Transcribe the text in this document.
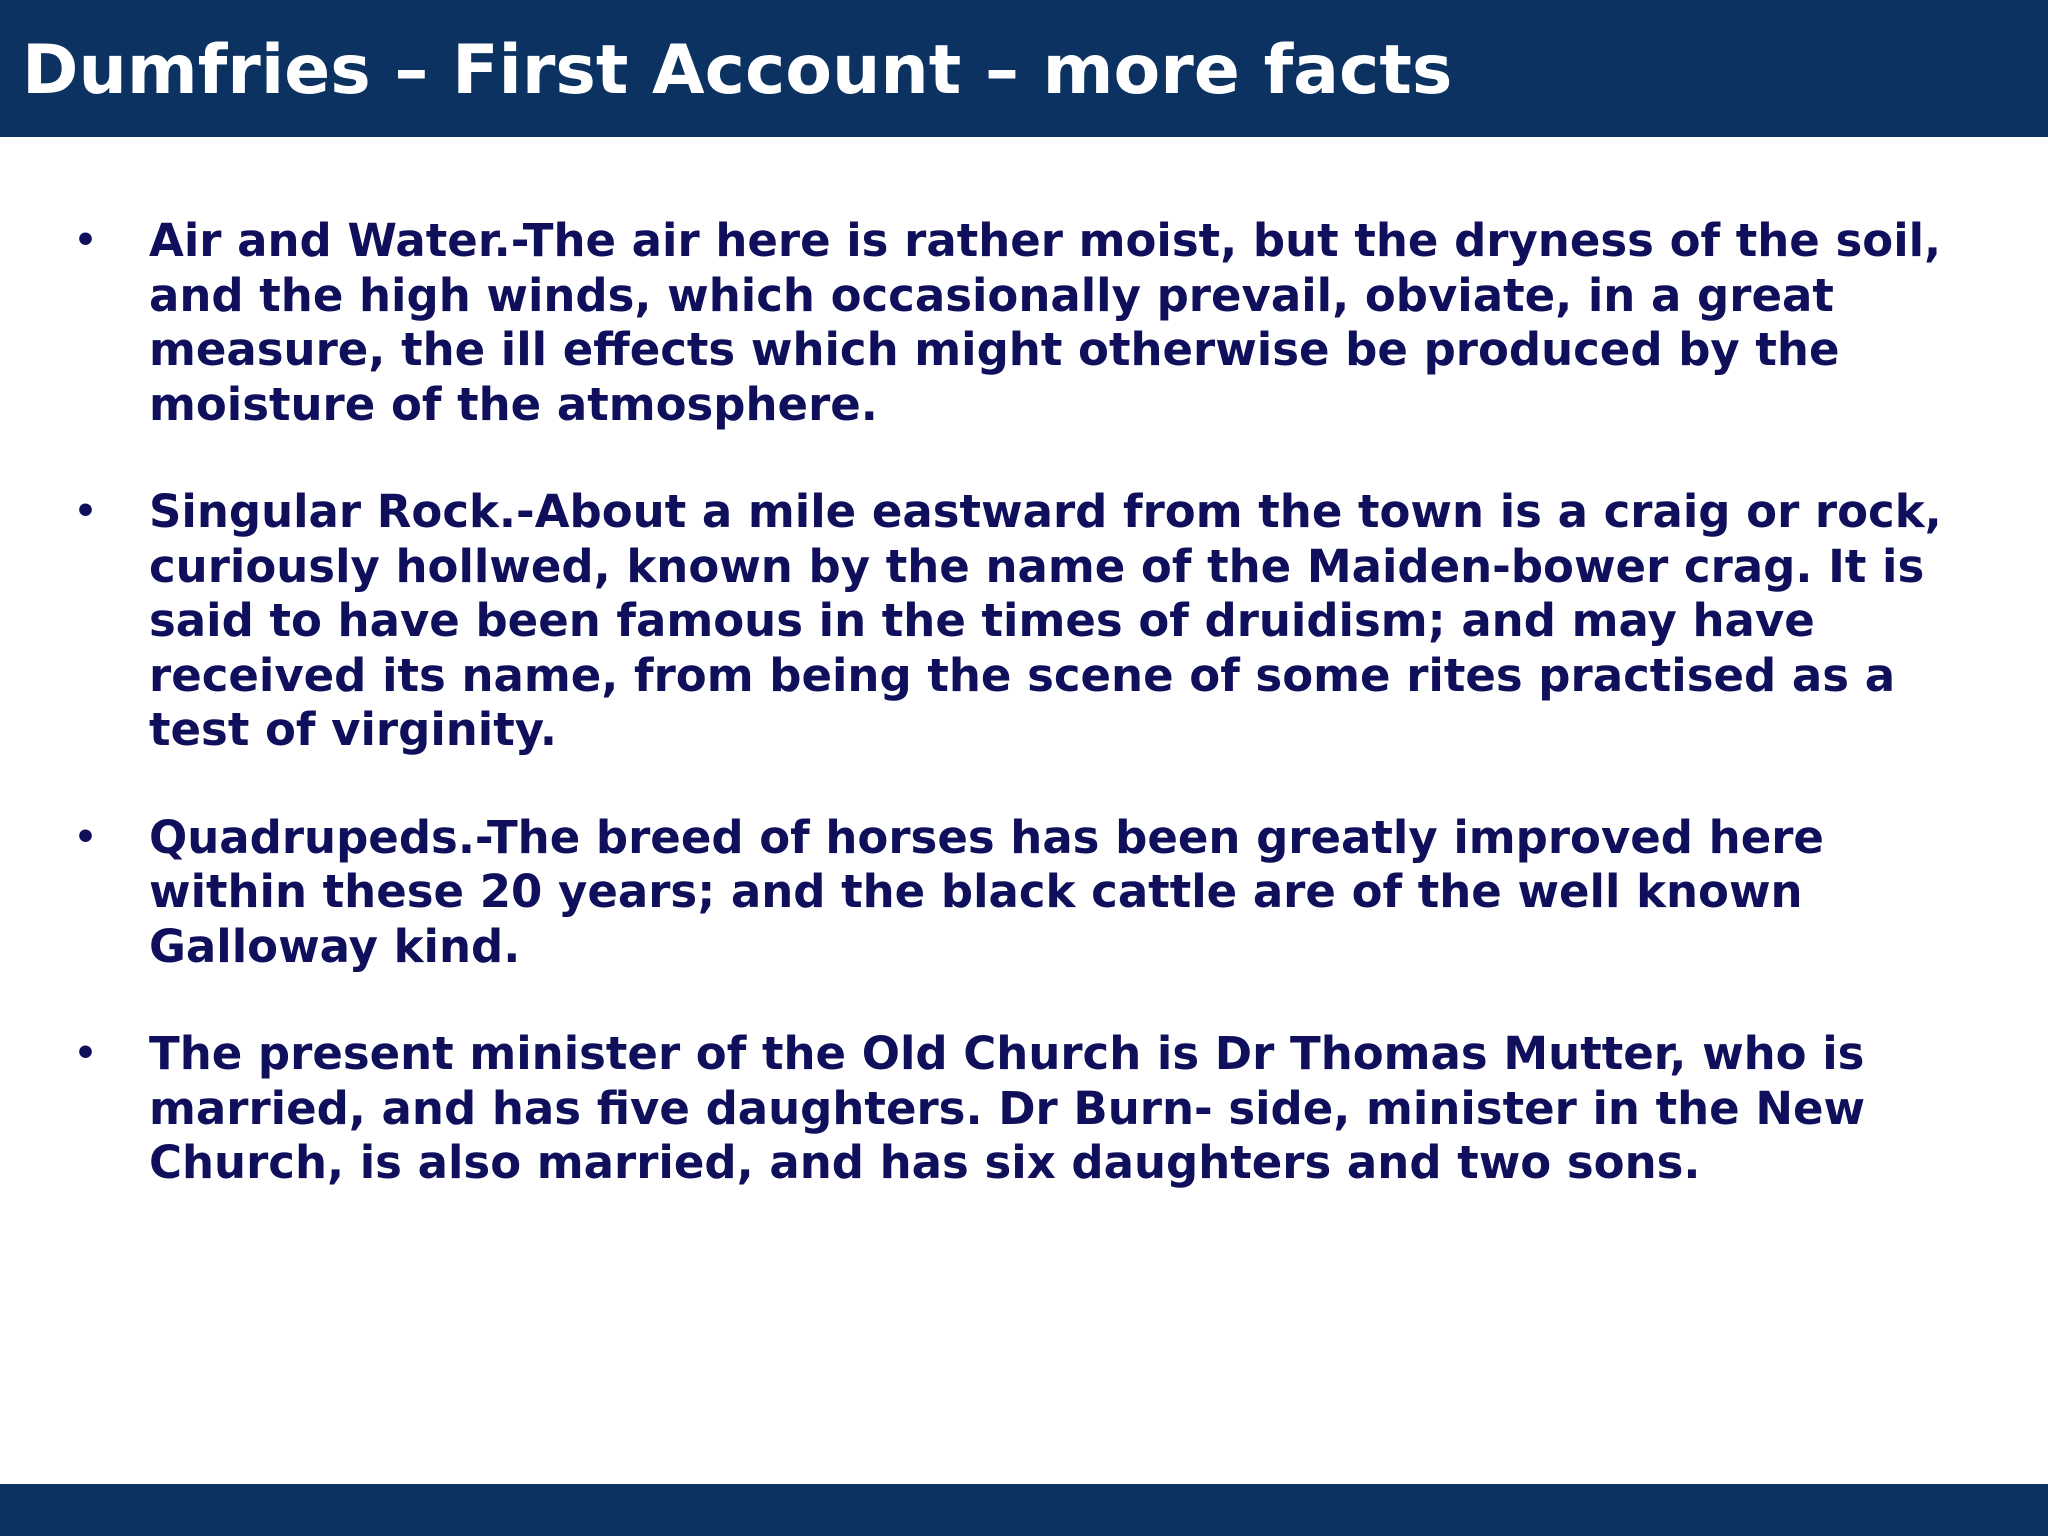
Dumfries – First Account – more facts
• Air and Water.-The air here is rather moist, but the dryness of the soil,
and the high winds, which occasionally prevail, obviate, in a great
measure, the ill effects which might otherwise be produced by the
moisture of the atmosphere.
• Singular Rock.-About a mile eastward from the town is a craig or rock,
curiously hollwed, known by the name of the Maiden-bower crag. It is
said to have been famous in the times of druidism; and may have
received its name, from being the scene of some rites practised as a
test of virginity.
• Quadrupeds.-The breed of horses has been greatly improved here
within these 20 years; and the black cattle are of the well known
Galloway kind.
• The present minister of the Old Church is Dr Thomas Mutter, who is
married, and has five daughters. Dr Burn- side, minister in the New
Church, is also married, and has six daughters and two sons.
